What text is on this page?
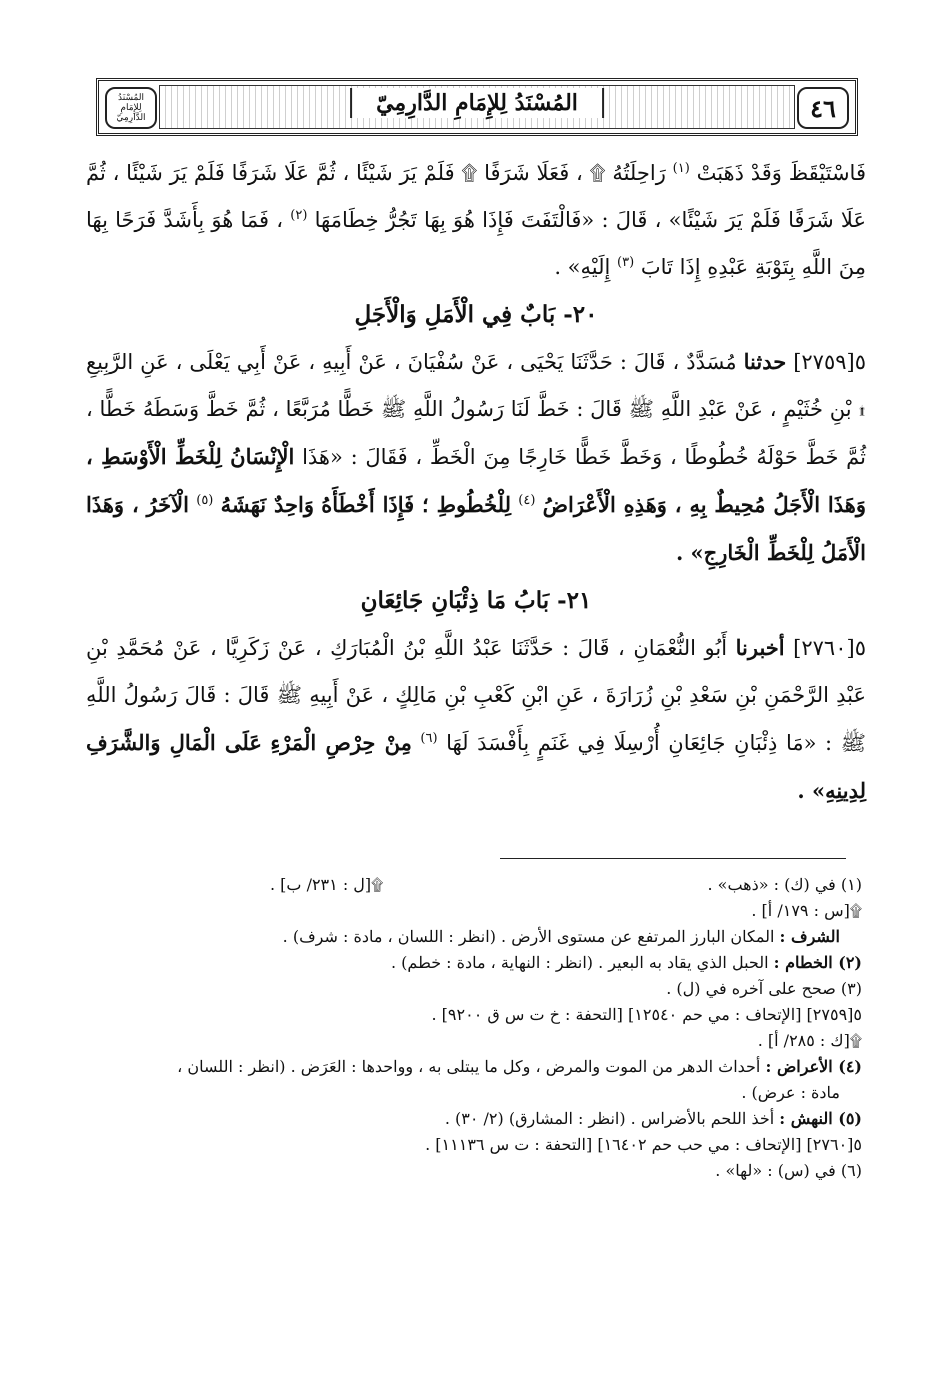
المُسْنَدُ لِلإِمَامِ الدَّارِمِيّ	٤٦
المُسْنَدُ لِلإِمَامِ الدَّارِمِيّ

فَاسْتَيْقَظَ وَقَدْ ذَهَبَتْ $^{(١)}$ رَاحِلَتُهُ ۩ ، فَعَلَا شَرَفًا ۩ فَلَمْ يَرَ شَيْئًا ، ثُمَّ عَلَا شَرَفًا فَلَمْ يَرَ شَيْئًا ، ثُمَّ عَلَا شَرَفًا فَلَمْ يَرَ شَيْئًا» ، قَالَ : «فَالْتَفَتَ فَإِذَا هُوَ بِهَا تَجُرُّ خِطَامَهَا $^{(٢)}$ ، فَمَا هُوَ بِأَشَدَّ فَرَحًا بِهَا مِنَ اللَّهِ بِتَوْبَةِ عَبْدِهِ إِذَا تَابَ $^{(٣)}$ إِلَيْهِ» .

٢٠- بَابٌ فِي الْأَمَلِ وَالْأَجَلِ

٥[٢٧٥٩] حدثنا مُسَدَّدٌ ، قَالَ : حَدَّثَنَا يَحْيَى ، عَنْ سُفْيَانَ ، عَنْ أَبِيهِ ، عَنْ أَبِي يَعْلَى ، عَنِ الرَّبِيعِ ۩ بْنِ خُثَيْمٍ ، عَنْ عَبْدِ اللَّهِ ﷺ قَالَ : خَطَّ لَنَا رَسُولُ اللَّهِ ﷺ خَطًّا مُرَبَّعًا ، ثُمَّ خَطَّ وَسَطَهُ خَطًّا ، ثُمَّ خَطَّ حَوْلَهُ خُطُوطًا ، وَخَطَّ خَطًّا خَارِجًا مِنَ الْخَطِّ ، فَقَالَ : «هَذَا الْإِنْسَانُ لِلْخَطِّ الْأَوْسَطِ ، وَهَذَا الْأَجَلُ مُحِيطٌ بِهِ ، وَهَذِهِ الْأَعْرَاضُ $^{(٤)}$ لِلْخُطُوطِ ؛ فَإِذَا أَخْطَأَهُ وَاحِدٌ نَهَشَهُ $^{(٥)}$ الْآخَرُ ، وَهَذَا الْأَمَلُ لِلْخَطِّ الْخَارِجِ» .

٢١- بَابُ مَا ذِئْبَانِ جَائِعَانِ

٥[٢٧٦٠] أخبرنا أَبُو النُّعْمَانِ ، قَالَ : حَدَّثَنَا عَبْدُ اللَّهِ بْنُ الْمُبَارَكِ ، عَنْ زَكَرِيَّا ، عَنْ مُحَمَّدِ بْنِ عَبْدِ الرَّحْمَنِ بْنِ سَعْدِ بْنِ زُرَارَةَ ، عَنِ ابْنِ كَعْبِ بْنِ مَالِكٍ ، عَنْ أَبِيهِ ﷺ قَالَ : قَالَ رَسُولُ اللَّهِ ﷺ : «مَا ذِئْبَانِ جَائِعَانِ أُرْسِلَا فِي غَنَمٍ بِأَفْسَدَ لَهَا $^{(٦)}$ مِنْ حِرْصِ الْمَرْءِ عَلَى الْمَالِ وَالشَّرَفِ لِدِينِهِ» .

(١) في (ك) : «ذهب» .
۩[ل : ٢٣١/ ب] .
۩[س : ١٧٩/ أ] .
الشرف :

المكان البارز المرتفع عن مستوى الأرض . (انظر : اللسان ، مادة : شرف) .
(٢) الخطام :

الحبل الذي يقاد به البعير . (انظر : النهاية ، مادة : خطم) .
(٣) صحح على آخره في (ل) .
٥[٢٧٥٩] [الإتحاف : مي حم ١٢٥٤٠] [التحفة : خ ت س ق ٩٢٠٠] .
۩[ك : ٢٨٥/ أ] .
(٤) الأعراض :

أحداث الدهر من الموت والمرض ، وكل ما يبتلى به ، وواحدها : العَرَض . (انظر : اللسان ،
مادة : عرض) .
(٥) النهش :

أخذ اللحم بالأضراس . (انظر : المشارق) (٢/ ٣٠) .
٥[٢٧٦٠] [الإتحاف : مي حب حم ١٦٤٠٢] [التحفة : ت س ١١١٣٦] .
(٦) في (س) : «لها» .
